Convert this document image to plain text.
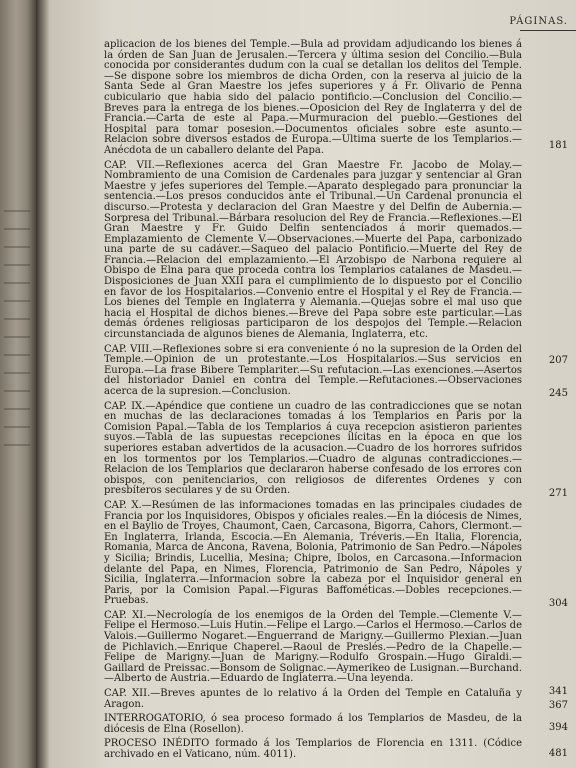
PÁGINAS.

aplicacion de los bienes del Temple.—Bula ad providam adjudicando los bienes á la órden de San Juan de Jerusalen.—Tercera y última sesion del Concilio.—Bula conocida por considerantes dudum con la cual se detallan los delitos del Temple.—Se dispone sobre los miembros de dicha Orden, con la reserva al juicio de la Santa Sede al Gran Maestre los jefes superiores y á Fr. Olivario de Penna cubiculario que habia sido del palacio pontificio.—Conclusion del Concilio.—Breves para la entrega de los bienes.—Oposicion del Rey de Inglaterra y del de Francia.—Carta de este al Papa.—Murmuracion del pueblo.—Gestiones del Hospital para tomar posesion.—Documentos oficiales sobre este asunto.—Relacion sobre diversos estados de Europa.—Ultima suerte de los Templarios.—Anécdota de un caballero delante del Papa.

CAP. VII.—Reflexiones acerca del Gran Maestre Fr. Jacobo de Molay.—Nombramiento de una Comision de Cardenales para juzgar y sentenciar al Gran Maestre y jefes superiores del Temple.—Aparato desplegado para pronunciar la sentencia.—Los presos conducidos ante el Tribunal.—Un Cardenal pronuncia el discurso.—Protesta y declaracion del Gran Maestre y del Delfin de Aubernia.—Sorpresa del Tribunal.—Bárbara resolucion del Rey de Francia.—Reflexiones.—El Gran Maestre y Fr. Guido Delfin sentenciados á morir quemados.—Emplazamiento de Clemente V.—Observaciones.—Muerte del Papa, carbonizado una parte de su cadáver.—Saqueo del palacio Pontificio.—Muerte del Rey de Francia.—Relacion del emplazamiento.—El Arzobispo de Narbona requiere al Obispo de Elna para que proceda contra los Templarios catalanes de Masdeu.—Disposiciones de Juan XXII para el cumplimiento de lo dispuesto por el Concilio en favor de los Hospitalarios.—Convenio entre el Hospital y el Rey de Francia.—Los bienes del Temple en Inglaterra y Alemania.—Quejas sobre el mal uso que hacia el Hospital de dichos bienes.—Breve del Papa sobre este particular.—Las demás órdenes religiosas participaron de los despojos del Temple.—Relacion circunstanciada de algunos bienes de Alemania, Inglaterra, etc.

CAP. VIII.—Reflexiones sobre si era conveniente ó no la supresion de la Orden del Temple.—Opinion de un protestante.—Los Hospitalarios.—Sus servicios en Europa.—La frase Bibere Templariter.—Su refutacion.—Las exenciones.—Asertos del historiador Daniel en contra del Temple.—Refutaciones.—Observaciones acerca de la supresion.—Conclusion.

CAP. IX.—Apéndice que contiene un cuadro de las contradicciones que se notan en muchas de las declaraciones tomadas á los Templarios en Paris por la Comision Papal.—Tabla de los Templarios á cuya recepcion asistieron parientes suyos.—Tabla de las supuestas recepciones ilícitas en la época en que los superiores estaban advertidos de la acusacion.—Cuadro de los horrores sufridos en los tormentos por los Templarios.—Cuadro de algunas contradicciones.—Relacion de los Templarios que declararon haberse confesado de los errores con obispos, con penitenciarios, con religiosos de diferentes Ordenes y con presbíteros seculares y de su Orden.

CAP. X.—Resúmen de las informaciones tomadas en las principales ciudades de Francia por los Inquisidores, Obispos y oficiales reales.—En la diócesis de Nimes, en el Baylio de Troyes, Chaumont, Caen, Carcasona, Bigorra, Cahors, Clermont.—En Inglaterra, Irlanda, Escocia.—En Alemania, Tréveris.—En Italia, Florencia, Romania, Marca de Ancona, Ravena, Bolonia, Patrimonio de San Pedro.—Nápoles y Sicilia; Brindis, Lucellia, Mesina; Chipre, Ibolos, en Carcasona.—Informacion delante del Papa, en Nimes, Florencia, Patrimonio de San Pedro, Nápoles y Sicilia, Inglaterra.—Informacion sobre la cabeza por el Inquisidor general en Paris, por la Comision Papal.—Figuras Baffométicas.—Dobles recepciones.—Pruebas.

CAP. XI.—Necrología de los enemigos de la Orden del Temple.—Clemente V.—Felipe el Hermoso.—Luis Hutin.—Felipe el Largo.—Carlos el Hermoso.—Carlos de Valois.—Guillermo Nogaret.—Enguerrand de Marigny.—Guillermo Plexian.—Juan de Pichlavich.—Enrique Chaperel.—Raoul de Preslés.—Pedro de la Chapelle.—Felipe de Marigny.—Juan de Marigny.—Rodulfo Grospain.—Hugo Giraldi.—Gaillard de Preissac.—Bonsom de Solignac.—Aymerikeo de Lusignan.—Burchand.—Alberto de Austria.—Eduardo de Inglaterra.—Una leyenda.

CAP. XII.—Breves apuntes de lo relativo á la Orden del Temple en Cataluña y Aragon.

INTERROGATORIO, ó sea proceso formado á los Templarios de Masdeu, de la diócesis de Elna (Rosellon).

PROCESO INÉDITO formado á los Templarios de Florencia en 1311. (Códice archivado en el Vaticano, núm. 4011).

181
207
245
271
304
341
367
394
481
